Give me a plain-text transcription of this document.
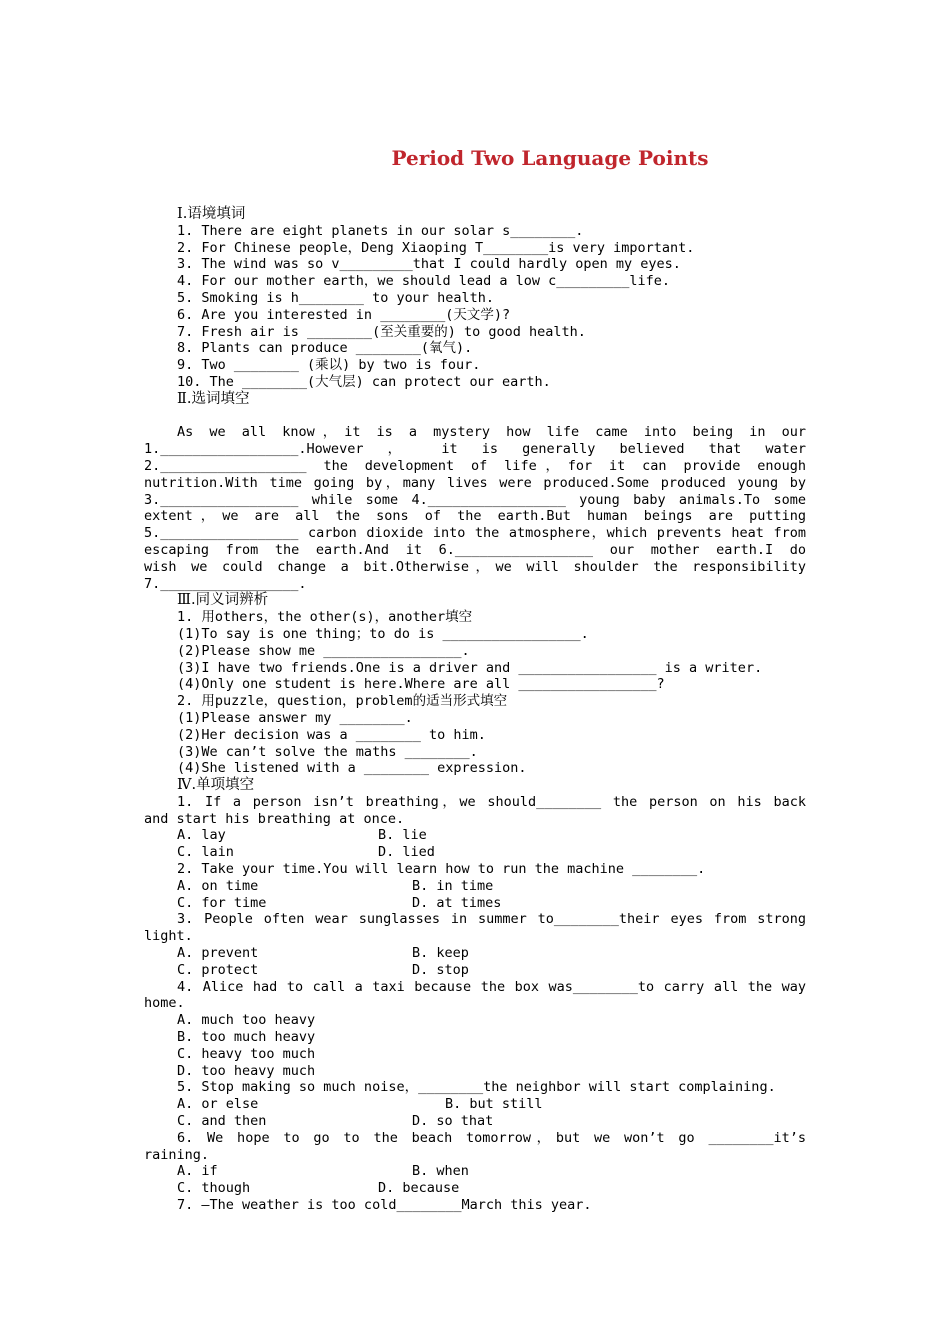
Period Two Language Points
Ⅰ.语境填词
1. There are eight planets in our solar s________.
2. For Chinese people，Deng Xiaoping T________is very important.
3. The wind was so v_________that I could hardly open my eyes.
4. For our mother earth，we should lead a low c_________life.
5. Smoking is h________ to your health.
6. Are you interested in ________(天文学)?
7. Fresh air is ________(至关重要的) to good health.
8. Plants can produce ________(氧气).
9. Two ________ (乘以) by two is four.
10. The ________(大气层) can protect our earth.
Ⅱ.选词填空
As we all know，it is a mystery how life came into being in our
1._________________.However ， it is generally believed that water
2.__________________ the development of life，for it can provide enough
nutrition.With time going by，many lives were produced.Some produced young by
3._________________ while some 4._________________ young baby animals.To some
extent，we are all the sons of the earth.But human beings are putting
5._________________ carbon dioxide into the atmosphere，which prevents heat from
escaping from the earth.And it 6._________________ our mother earth.I do
wish we could change a bit.Otherwise，we will shoulder the responsibility
7._________________.
Ⅲ.同义词辨析
1. 用others，the other(s)，another填空
(1)To say is one thing；to do is _________________.
(2)Please show me _________________.
(3)I have two friends.One is a driver and _________________ is a writer.
(4)Only one student is here.Where are all _________________?
2. 用puzzle，question，problem的适当形式填空
(1)Please answer my ________.
(2)Her decision was a ________ to him.
(3)We can’t solve the maths ________.
(4)She listened with a ________ expression.
Ⅳ.单项填空
1. If a person isn’t breathing，we should________ the person on his back
and start his breathing at once.
A. lay	B. lie
C. lain	D. lied
2. Take your time.You will learn how to run the machine ________.
A. on time	B. in time
C. for time	D. at times
3. People often wear sunglasses in summer to________their eyes from strong
light.
A. prevent	B. keep
C. protect	D. stop
4. Alice had to call a taxi because the box was________to carry all the way
home.
A. much too heavy
B. too much heavy
C. heavy too much
D. too heavy much
5. Stop making so much noise，________the neighbor will start complaining.
A. or else	B. but still
C. and then	D. so that
6. We hope to go to the beach tomorrow，but we won’t go ________it’s
raining.
A. if	B. when
C. though	D. because
7. —The weather is too cold________March this year.
